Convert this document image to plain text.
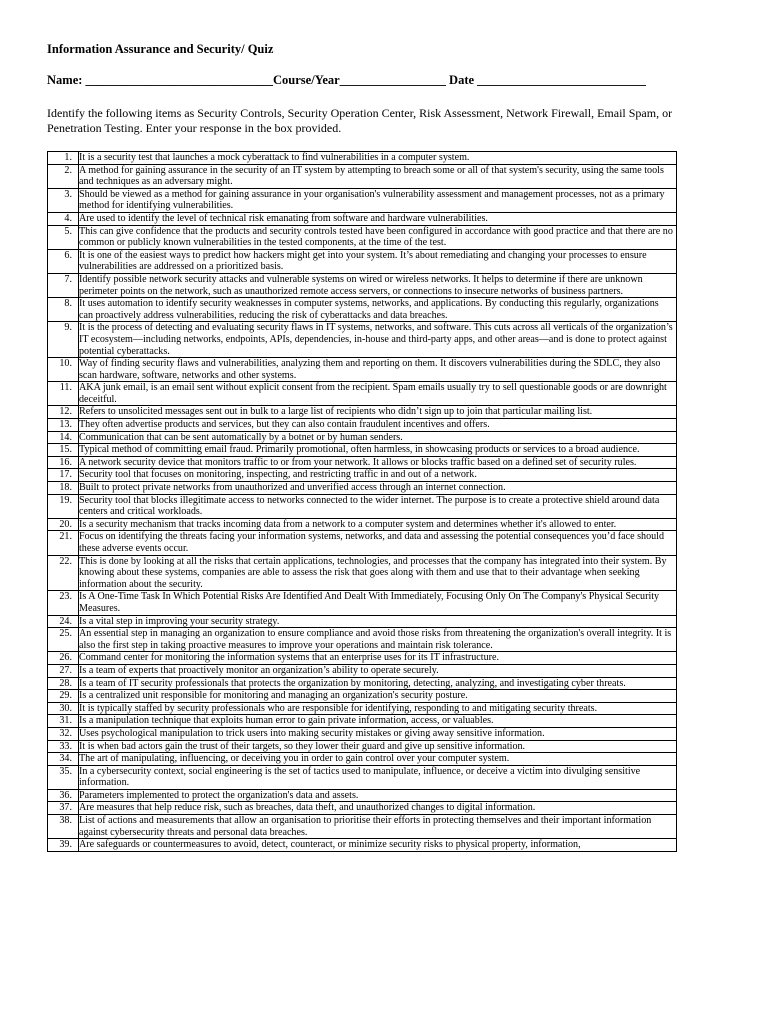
Information Assurance and Security/ Quiz
Name: ______________________________Course/Year_________________ Date ___________________________
Identify the following items as Security Controls, Security Operation Center, Risk Assessment, Network Firewall, Email Spam, or Penetration Testing. Enter your response in the box provided.
1.	It is a security test that launches a mock cyberattack to find vulnerabilities in a computer system.
2.	A method for gaining assurance in the security of an IT system by attempting to breach some or all of that system's security, using the same tools and techniques as an adversary might.
3.	Should be viewed as a method for gaining assurance in your organisation's vulnerability assessment and management processes, not as a primary method for identifying vulnerabilities.
4.	Are used to identify the level of technical risk emanating from software and hardware vulnerabilities.
5.	This can give confidence that the products and security controls tested have been configured in accordance with good practice and that there are no common or publicly known vulnerabilities in the tested components, at the time of the test.
6.	It is one of the easiest ways to predict how hackers might get into your system. It’s about remediating and changing your processes to ensure vulnerabilities are addressed on a prioritized basis.
7.	Identify possible network security attacks and vulnerable systems on wired or wireless networks. It helps to determine if there are unknown perimeter points on the network, such as unauthorized remote access servers, or connections to insecure networks of business partners.
8.	It uses automation to identify security weaknesses in computer systems, networks, and applications. By conducting this regularly, organizations can proactively address vulnerabilities, reducing the risk of cyberattacks and data breaches.
9.	It is the process of detecting and evaluating security flaws in IT systems, networks, and software. This cuts across all verticals of the organization’s IT ecosystem—including networks, endpoints, APIs, dependencies, in-house and third-party apps, and other areas—and is done to protect against potential cyberattacks.
10.	Way of finding security flaws and vulnerabilities, analyzing them and reporting on them. It discovers vulnerabilities during the SDLC, they also scan hardware, software, networks and other systems.
11.	AKA junk email, is an email sent without explicit consent from the recipient. Spam emails usually try to sell questionable goods or are downright deceitful.
12.	Refers to unsolicited messages sent out in bulk to a large list of recipients who didn’t sign up to join that particular mailing list.
13.	They often advertise products and services, but they can also contain fraudulent incentives and offers.
14.	Communication that can be sent automatically by a botnet or by human senders.
15.	Typical method of committing email fraud. Primarily promotional, often harmless, in showcasing products or services to a broad audience.
16.	A network security device that monitors traffic to or from your network. It allows or blocks traffic based on a defined set of security rules.
17.	Security tool that focuses on monitoring, inspecting, and restricting traffic in and out of a network.
18.	Built to protect private networks from unauthorized and unverified access through an internet connection.
19.	Security tool that blocks illegitimate access to networks connected to the wider internet. The purpose is to create a protective shield around data centers and critical workloads.
20.	Is a security mechanism that tracks incoming data from a network to a computer system and determines whether it's allowed to enter.
21.	Focus on identifying the threats facing your information systems, networks, and data and assessing the potential consequences you’d face should these adverse events occur.
22.	This is done by looking at all the risks that certain applications, technologies, and processes that the company has integrated into their system. By knowing about these systems, companies are able to assess the risk that goes along with them and use that to their advantage when seeking information about the security.
23.	Is A One-Time Task In Which Potential Risks Are Identified And Dealt With Immediately, Focusing Only On The Company's Physical Security Measures.
24.	Is a vital step in improving your security strategy.
25.	An essential step in managing an organization to ensure compliance and avoid those risks from threatening the organization's overall integrity. It is also the first step in taking proactive measures to improve your operations and maintain risk tolerance.
26.	Command center for monitoring the information systems that an enterprise uses for its IT infrastructure.
27.	Is a team of experts that proactively monitor an organization’s ability to operate securely.
28.	Is a team of IT security professionals that protects the organization by monitoring, detecting, analyzing, and investigating cyber threats.
29.	Is a centralized unit responsible for monitoring and managing an organization's security posture.
30.	It is typically staffed by security professionals who are responsible for identifying, responding to and mitigating security threats.
31.	Is a manipulation technique that exploits human error to gain private information, access, or valuables.
32.	Uses psychological manipulation to trick users into making security mistakes or giving away sensitive information.
33.	It is when bad actors gain the trust of their targets, so they lower their guard and give up sensitive information.
34.	The art of manipulating, influencing, or deceiving you in order to gain control over your computer system.
35.	In a cybersecurity context, social engineering is the set of tactics used to manipulate, influence, or deceive a victim into divulging sensitive information.
36.	Parameters implemented to protect the organization's data and assets.
37.	Are measures that help reduce risk, such as breaches, data theft, and unauthorized changes to digital information.
38.	List of actions and measurements that allow an organisation to prioritise their efforts in protecting themselves and their important information against cybersecurity threats and personal data breaches.
39.	Are safeguards or countermeasures to avoid, detect, counteract, or minimize security risks to physical property, information,
